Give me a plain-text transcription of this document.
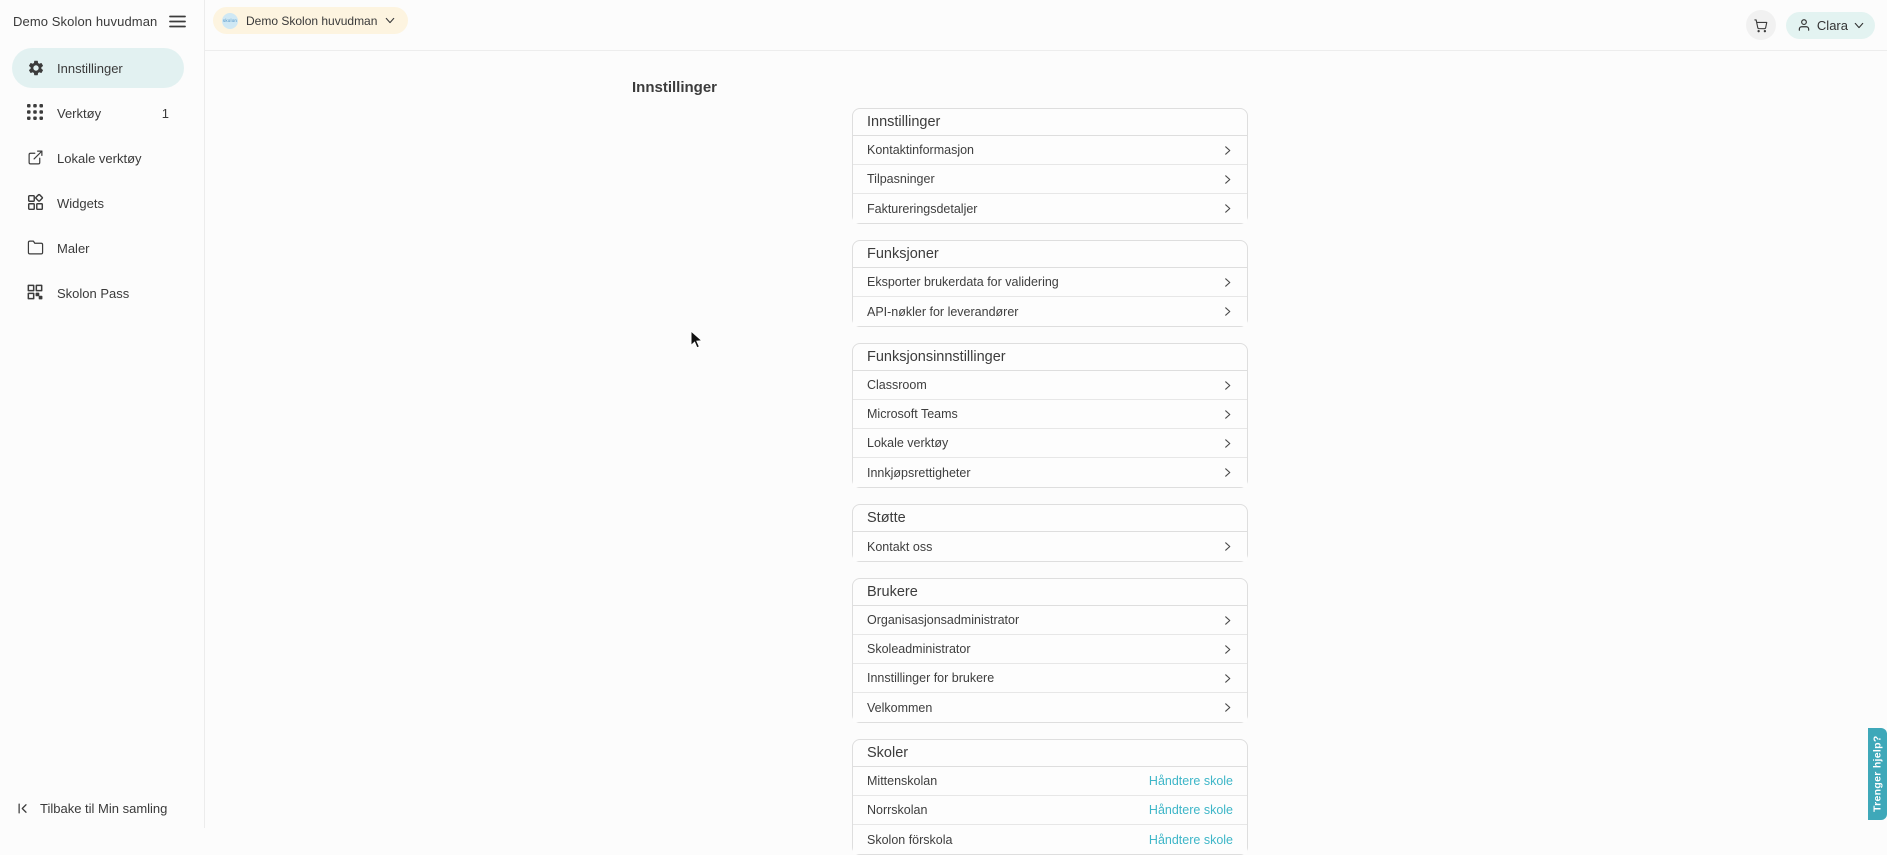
Demo Skolon huvudman
Innstillinger
Verktøy	1
Lokale verktøy
Widgets
Maler
Skolon Pass
Tilbake til Min samling
skolon Demo Skolon huvudman	Clara
Innstillinger
Innstillinger
Kontaktinformasjon
Tilpasninger
Faktureringsdetaljer
Funksjoner
Eksporter brukerdata for validering
API-nøkler for leverandører
Funksjonsinnstillinger
Classroom
Microsoft Teams
Lokale verktøy
Innkjøpsrettigheter
Støtte
Kontakt oss
Brukere
Organisasjonsadministrator
Skoleadministrator
Innstillinger for brukere
Velkommen
Skoler
Mittenskolan	Håndtere skole
Norrskolan	Håndtere skole
Skolon förskola	Håndtere skole
Trenger hjelp?
